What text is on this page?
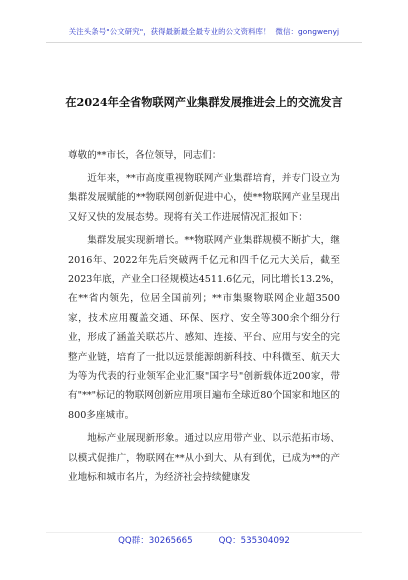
关注头条号"公文研究"，获得最新最全最专业的公文资料库！ 微信：gongwenyj
在2024年全省物联网产业集群发展推进会上的交流发言

尊敬的**市长，各位领导，同志们：

近年来，**市高度重视物联网产业集群培育，并专门设立为集群发展赋能的**物联网创新促进中心，使**物联网产业呈现出又好又快的发展态势。现将有关工作进展情况汇报如下：

集群发展实现新增长。**物联网产业集群规模不断扩大，继2016年、2022年先后突破两千亿元和四千亿元大关后，截至2023年底，产业全口径规模达4511.6亿元，同比增长13.2%，在**省内领先，位居全国前列；**市集聚物联网企业超3500家，技术应用覆盖交通、环保、医疗、安全等300余个细分行业，形成了涵盖关联芯片、感知、连接、平台、应用与安全的完整产业链，培育了一批以远景能源朗新科技、中科微至、航天大为等为代表的行业领军企业汇聚"国字号"创新载体近200家，带有"**"标记的物联网创新应用项目遍布全球近80个国家和地区的800多座城市。

地标产业展现新形象。通过以应用带产业、以示范拓市场、以模式促推广，物联网在**从小到大、从有到优，已成为**的产业地标和城市名片，为经济社会持续健康发

QQ群：30265665	QQ：535304092
